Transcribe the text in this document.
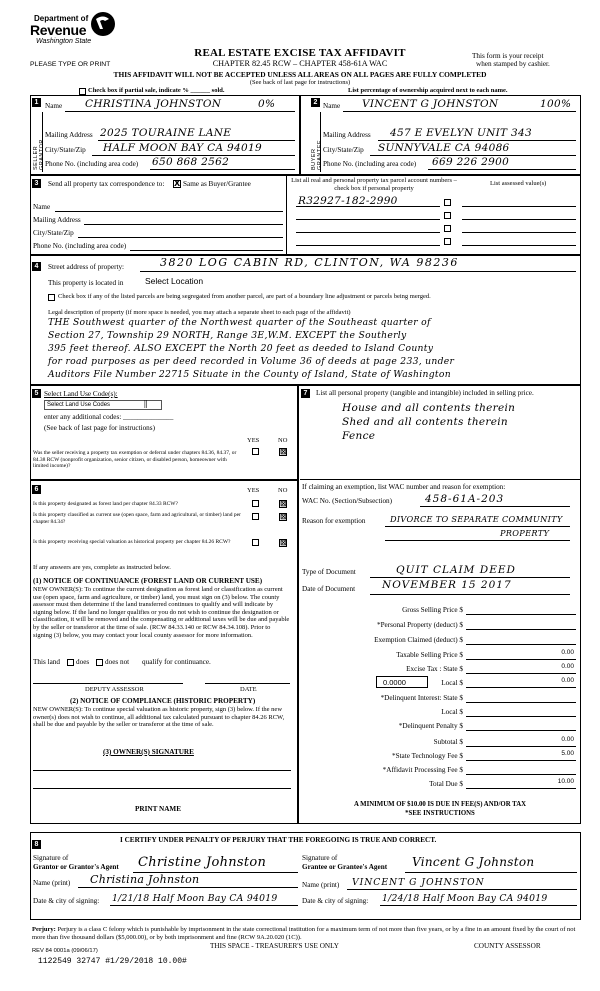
Department of
Revenue
Washington State
PLEASE TYPE OR PRINT
REAL ESTATE EXCISE TAX AFFIDAVIT
CHAPTER 82.45 RCW – CHAPTER 458-61A WAC
This form is your receipt
when stamped by cashier.
THIS AFFIDAVIT WILL NOT BE ACCEPTED UNLESS ALL AREAS ON ALL PAGES ARE FULLY COMPLETED
(See back of last page for instructions)
Check box if partial sale, indicate % ______ sold.	List percentage of ownership acquired next to each name.
1	2
SELLER GRANTOR	BUYER GRANTEE
Name CHRISTINA JOHNSTON	0%
Mailing Address 2025 TOURAINE LANE
City/State/Zip HALF MOON BAY CA 94019
Phone No. (including area code) 650 868 2562
Name VINCENT G JOHNSTON	100%
Mailing Address 457 E EVELYN UNIT 343
City/State/Zip SUNNYVALE CA 94086
Phone No. (including area code) 669 226 2900
3	Send all property tax correspondence to: X Same as Buyer/Grantee	List all real and personal property tax parcel account numbers – check box if personal property
List assessed value(s)
Name
Mailing Address
City/State/Zip
Phone No. (including area code)
R32927-182-2990
4	Street address of property:	3820 LOG CABIN RD, CLINTON, WA 98236
This property is located in	Select Location
Check box if any of the listed parcels are being segregated from another parcel, are part of a boundary line adjustment or parcels being merged.
Legal description of property (if more space is needed, you may attach a separate sheet to each page of the affidavit)
THE Southwest quarter of the Northwest quarter of the Southeast quarter of
Section 27, Township 29 NORTH, Range 3E,W.M. EXCEPT the Southerly
395 feet thereof. ALSO EXCEPT the North 20 feet as deeded to Island County
for road purposes as per deed recorded in Volume 36 of deeds at page 233, under
Auditors File Number 22715 Situate in the County of Island, State of Washington
5 Select Land Use Code(s):
Select Land Use Codes	||
enter any additional codes: ______________
(See back of last page for instructions)
YES	NO
Was the seller receiving a property tax exemption or deferral under chapters 84.36, 84.37, or 84.38 RCW (nonprofit organization, senior citizen, or disabled person, homeowner with limited income)?
⊠
6	YES	NO
Is this property designated as forest land per chapter 84.33 RCW?	⊠
Is this property classified as current use (open space, farm and agricultural, or timber) land per chapter 84.34?
⊠
Is this property receiving special valuation as historical property per chapter 84.26 RCW?	⊠
If any answers are yes, complete as instructed below.
(1) NOTICE OF CONTINUANCE (FOREST LAND OR CURRENT USE)
NEW OWNER(S): To continue the current designation as forest land or classification as current use (open space, farm and agriculture, or timber) land, you must sign on (3) below. The county assessor must then determine if the land transferred continues to qualify and will indicate by signing below. If the land no longer qualifies or you do not wish to continue the designation or classification, it will be removed and the compensating or additional taxes will be due and payable by the seller or transferor at the time of sale. (RCW 84.33.140 or RCW 84.34.108). Prior to signing (3) below, you may contact your local county assessor for more information.
This land does does not qualify for continuance.
DEPUTY ASSESSOR	DATE
(2) NOTICE OF COMPLIANCE (HISTORIC PROPERTY)
NEW OWNER(S): To continue special valuation as historic property, sign (3) below. If the new owner(s) does not wish to continue, all additional tax calculated pursuant to chapter 84.26 RCW, shall be due and payable by the seller or transferor at the time of sale.
(3) OWNER(S) SIGNATURE
PRINT NAME
7	List all personal property (tangible and intangible) included in selling price.
House and all contents therein
Shed and all contents therein
Fence
If claiming an exemption, list WAC number and reason for exemption:
WAC No. (Section/Subsection)	458-61A-203
Reason for exemption	DIVORCE TO SEPARATE COMMUNITY
PROPERTY
Type of Document	QUIT CLAIM DEED
Date of Document	NOVEMBER 15 2017
Gross Selling Price $
*Personal Property (deduct) $
Exemption Claimed (deduct) $
Taxable Selling Price $	0.00
Excise Tax : State $	0.00
0.0000	Local $	0.00
*Delinquent Interest: State $
Local $
*Delinquent Penalty $
Subtotal $	0.00
*State Technology Fee $	5.00
*Affidavit Processing Fee $
Total Due $	10.00
A MINIMUM OF $10.00 IS DUE IN FEE(S) AND/OR TAX
*SEE INSTRUCTIONS
8
I CERTIFY UNDER PENALTY OF PERJURY THAT THE FOREGOING IS TRUE AND CORRECT.
Signature of
Grantor or Grantor's Agent Christine Johnston
Name (print) Christina Johnston
Date & city of signing: 1/21/18 Half Moon Bay CA 94019
Signature of
Grantee or Grantee's Agent Vincent G Johnston
Name (print) VINCENT G JOHNSTON
Date & city of signing: 1/24/18 Half Moon Bay CA 94019
Perjury: Perjury is a class C felony which is punishable by imprisonment in the state correctional institution for a maximum term of not more than five years, or by a fine in an amount fixed by the court of not more than five thousand dollars ($5,000.00), or by both imprisonment and fine (RCW 9A.20.020 (1C)).
REV 84 0001a (09/06/17)
1122549 32747 #1/29/2018 10.00#
THIS SPACE - TREASURER'S USE ONLY	COUNTY ASSESSOR
